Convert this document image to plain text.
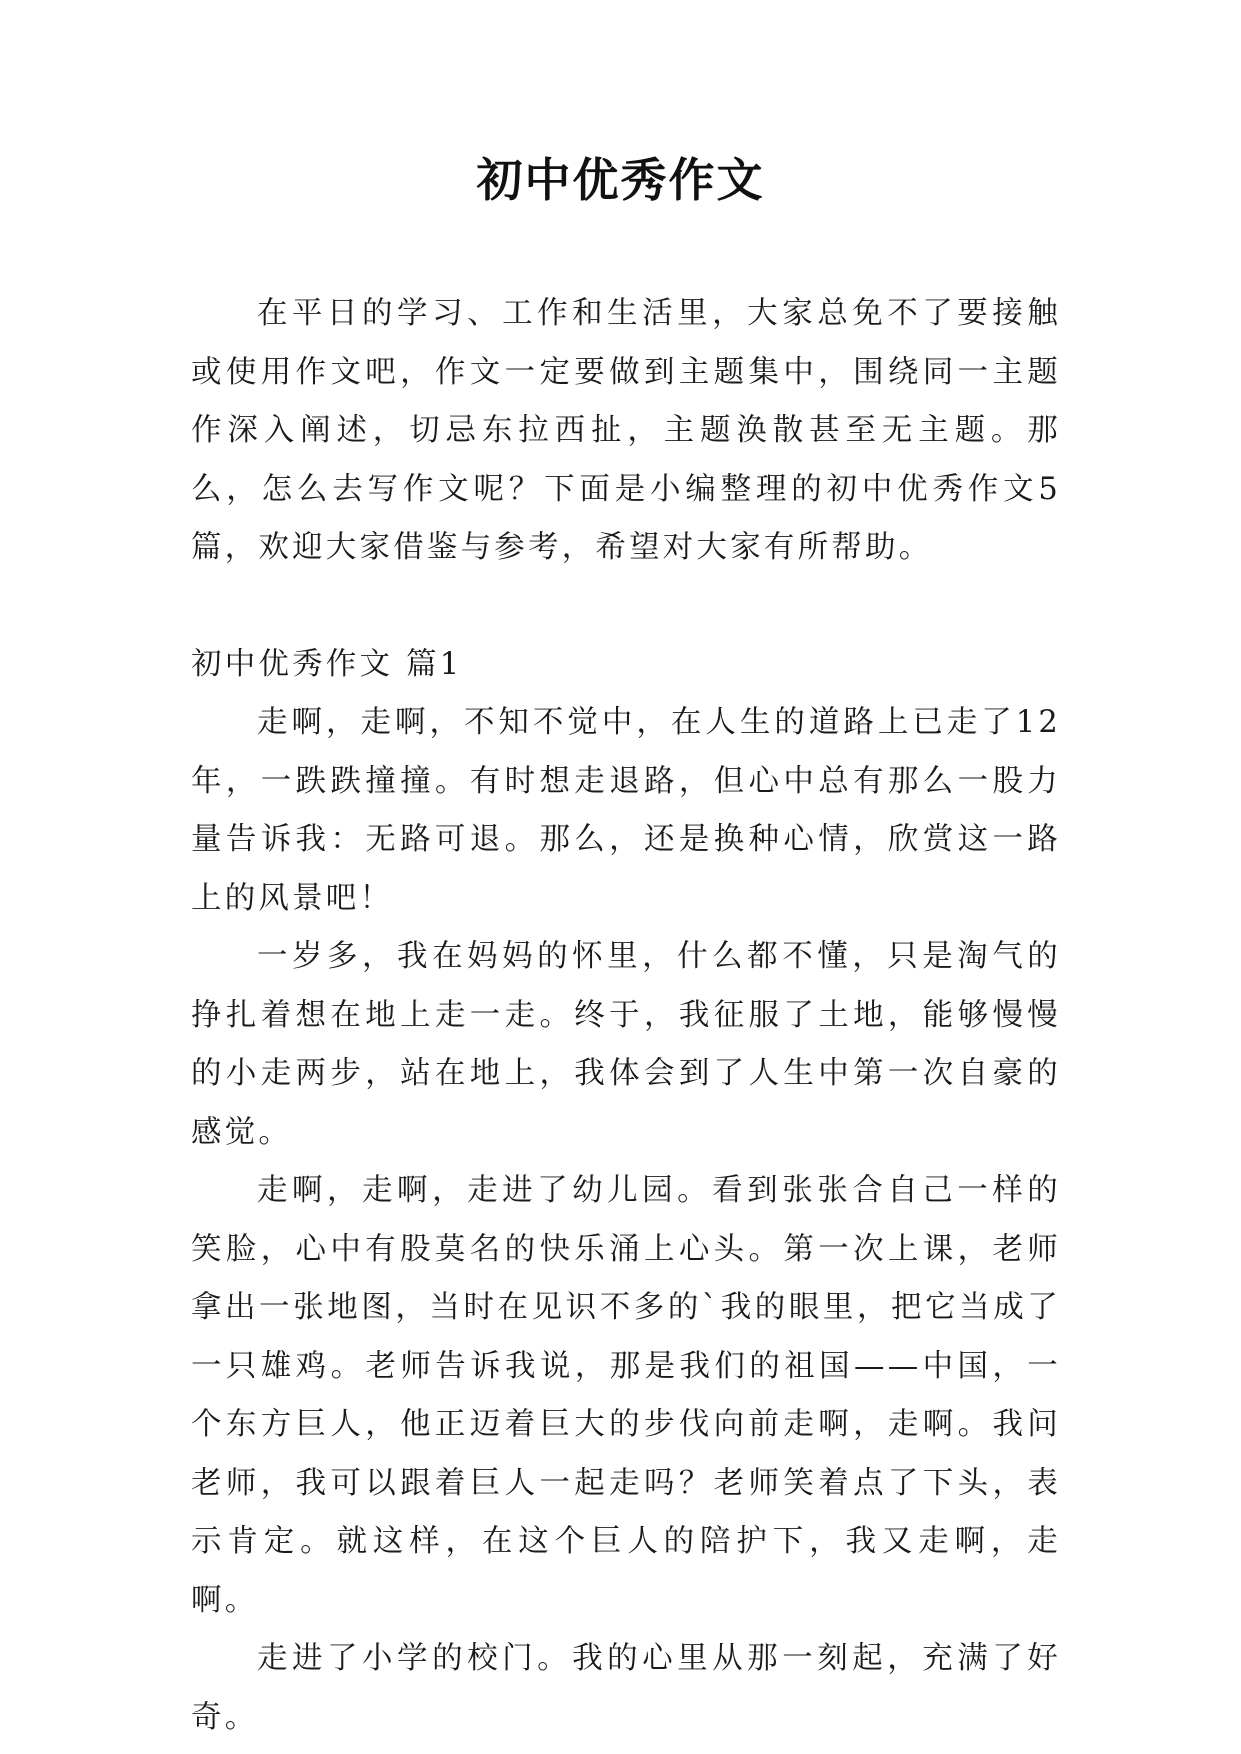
初中优秀作文

在平日的学习、工作和生活里，大家总免不了要接触或使用作文吧，作文一定要做到主题集中，围绕同一主题作深入阐述，切忌东拉西扯，主题涣散甚至无主题。那么，怎么去写作文呢？下面是小编整理的初中优秀作文5篇，欢迎大家借鉴与参考，希望对大家有所帮助。

初中优秀作文 篇1

走啊，走啊，不知不觉中，在人生的道路上已走了12年，一跌跌撞撞。有时想走退路，但心中总有那么一股力量告诉我：无路可退。那么，还是换种心情，欣赏这一路上的风景吧！

一岁多，我在妈妈的怀里，什么都不懂，只是淘气的挣扎着想在地上走一走。终于，我征服了土地，能够慢慢的小走两步，站在地上，我体会到了人生中第一次自豪的感觉。

走啊，走啊，走进了幼儿园。看到张张合自己一样的笑脸，心中有股莫名的快乐涌上心头。第一次上课，老师拿出一张地图，当时在见识不多的`我的眼里，把它当成了一只雄鸡。老师告诉我说，那是我们的祖国——中国，一个东方巨人，他正迈着巨大的步伐向前走啊，走啊。我问老师，我可以跟着巨人一起走吗？老师笑着点了下头，表示肯定。就这样，在这个巨人的陪护下，我又走啊，走啊。

走进了小学的校门。我的心里从那一刻起，充满了好奇。
